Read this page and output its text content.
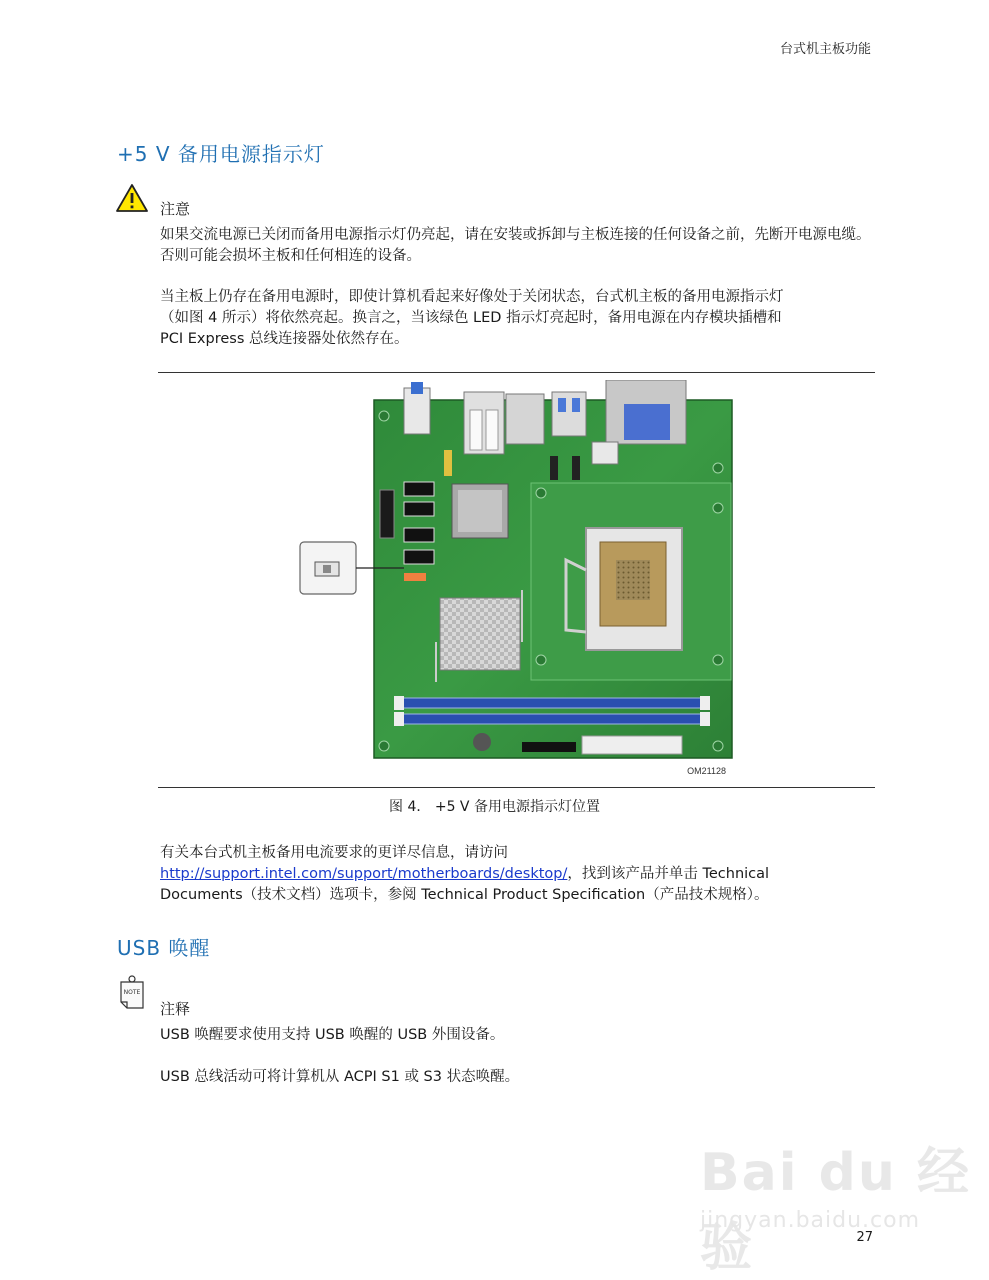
台式机主板功能
+5 V 备用电源指示灯
注意
如果交流电源已关闭而备用电源指示灯仍亮起，请在安装或拆卸与主板连接的任何设备之前，先断开电源电缆。否则可能会损坏主板和任何相连的设备。
当主板上仍存在备用电源时，即使计算机看起来好像处于关闭状态，台式机主板的备用电源指示灯
（如图 4 所示）将依然亮起。换言之，当该绿色 LED 指示灯亮起时，备用电源在内存模块插槽和
PCI Express 总线连接器处依然存在。
OM21128
图 4． +5 V 备用电源指示灯位置
有关本台式机主板备用电流要求的更详尽信息，请访问
http://support.intel.com/support/motherboards/desktop/，找到该产品并单击 Technical
Documents（技术文档）选项卡，参阅 Technical Product Specification（产品技术规格）。
USB 唤醒
NOTE
注释
USB 唤醒要求使用支持 USB 唤醒的 USB 外围设备。
USB 总线活动可将计算机从 ACPI S1 或 S3 状态唤醒。
Bai du 经验
jingyan.baidu.com
27
